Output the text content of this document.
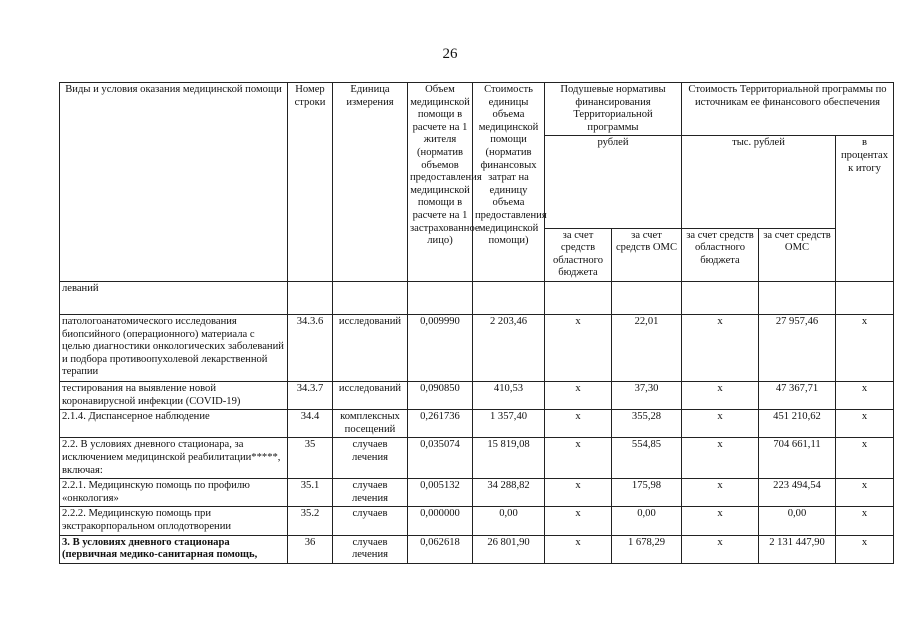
26
Виды и условия оказания медицинской помощи	Номер строки	Единица измерения	Объем медицинской помощи в расчете на 1 жителя (норматив объемов предоставления медицинской помощи в расчете на 1 застрахованное лицо)	Стоимость единицы объема медицинской помощи (норматив финансовых затрат на единицу объема предоставления медицинской помощи)	Подушевые нормативы финансирования Территориальной программы		Стоимость Территориальной программы по источникам ее финансового обеспечения		
					рублей		тыс. рублей		в процентах к итогу
					за счет средств областного бюджета	за счет средств ОМС	за счет средств областного бюджета	за счет средств ОМС	
леваний									
патологоанатомического исследования биопсийного (операционного) материала с целью диагностики онкологических заболеваний и подбора противоопухолевой лекарственной терапии	34.3.6	исследований	0,009990	2 203,46	х	22,01	х	27 957,46	х
тестирования на выявление новой коронавирусной инфекции (COVID-19)	34.3.7	исследований	0,090850	410,53	х	37,30	х	47 367,71	х
2.1.4. Диспансерное наблюдение	34.4	комплексных посещений	0,261736	1 357,40	х	355,28	х	451 210,62	х
2.2. В условиях дневного стационара, за исключением медицинской реабилитации*****, включая:	35	случаев лечения	0,035074	15 819,08	х	554,85	х	704 661,11	х
2.2.1. Медицинскую помощь по профилю «онкология»	35.1	случаев лечения	0,005132	34 288,82	х	175,98	х	223 494,54	х
2.2.2. Медицинскую помощь при экстракорпоральном оплодотворении	35.2	случаев	0,000000	0,00	х	0,00	х	0,00	х
3. В условиях дневного стационара (первичная медико-санитарная помощь,	36	случаев лечения	0,062618	26 801,90	х	1 678,29	х	2 131 447,90	х
